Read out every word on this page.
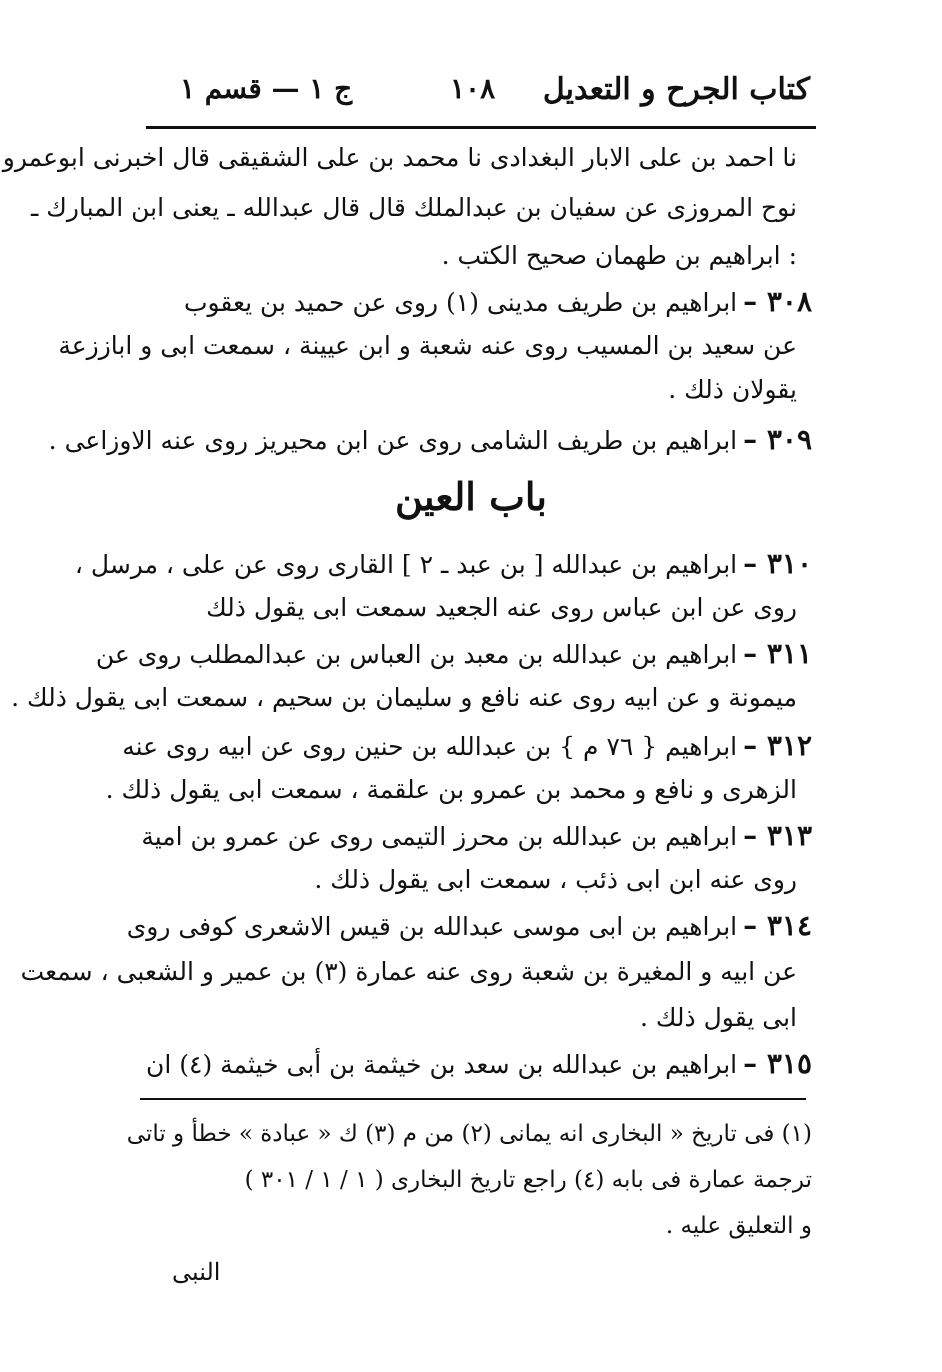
كتاب الجرح و التعديل
١٠٨
ج ١ — قسم ١
نا احمد بن على الابار البغدادى نا محمد بن على الشقيقى قال اخبرنى ابوعمرو
نوح المروزى عن سفيان بن عبدالملك قال قال عبدالله ـ يعنى ابن المبارك ـ
: ابراهيم بن طهمان صحيح الكتب .
٣٠٨ –ابراهيم بن طريف مدينى (١) روى عن حميد بن يعقوب
عن سعيد بن المسيب روى عنه شعبة و ابن عيينة ، سمعت ابى و اباززعة
يقولان ذلك .
٣٠٩ –ابراهيم بن طريف الشامى روى عن ابن محيريز روى عنه الاوزاعى .
باب العين
٣١٠ –ابراهيم بن عبدالله [ بن عبد ـ ٢ ] القارى روى عن على ، مرسل ،
روى عن ابن عباس روى عنه الجعيد سمعت ابى يقول ذلك
٣١١ –ابراهيم بن عبدالله بن معبد بن العباس بن عبدالمطلب روى عن
ميمونة و عن ابيه روى عنه نافع و سليمان بن سحيم ، سمعت ابى يقول ذلك .
٣١٢ –ابراهيم { ٧٦ م } بن عبدالله بن حنين روى عن ابيه روى عنه
الزهرى و نافع و محمد بن عمرو بن علقمة ، سمعت ابى يقول ذلك .
٣١٣ –ابراهيم بن عبدالله بن محرز التيمى روى عن عمرو بن امية
روى عنه ابن ابى ذئب ، سمعت ابى يقول ذلك .
٣١٤ –ابراهيم بن ابى موسى عبدالله بن قيس الاشعرى كوفى روى
عن ابيه و المغيرة بن شعبة روى عنه عمارة (٣) بن عمير و الشعبى ، سمعت
ابى يقول ذلك .
٣١٥ –ابراهيم بن عبدالله بن سعد بن خيثمة بن أبى خيثمة (٤) ان
(١) فى تاريخ « البخارى انه يمانى (٢) من م (٣) ك « عبادة » خطأ و تاتى
ترجمة عمارة فى بابه (٤) راجع تاريخ البخارى ( ١ / ١ / ٣٠١ )
و التعليق عليه .
النبى
